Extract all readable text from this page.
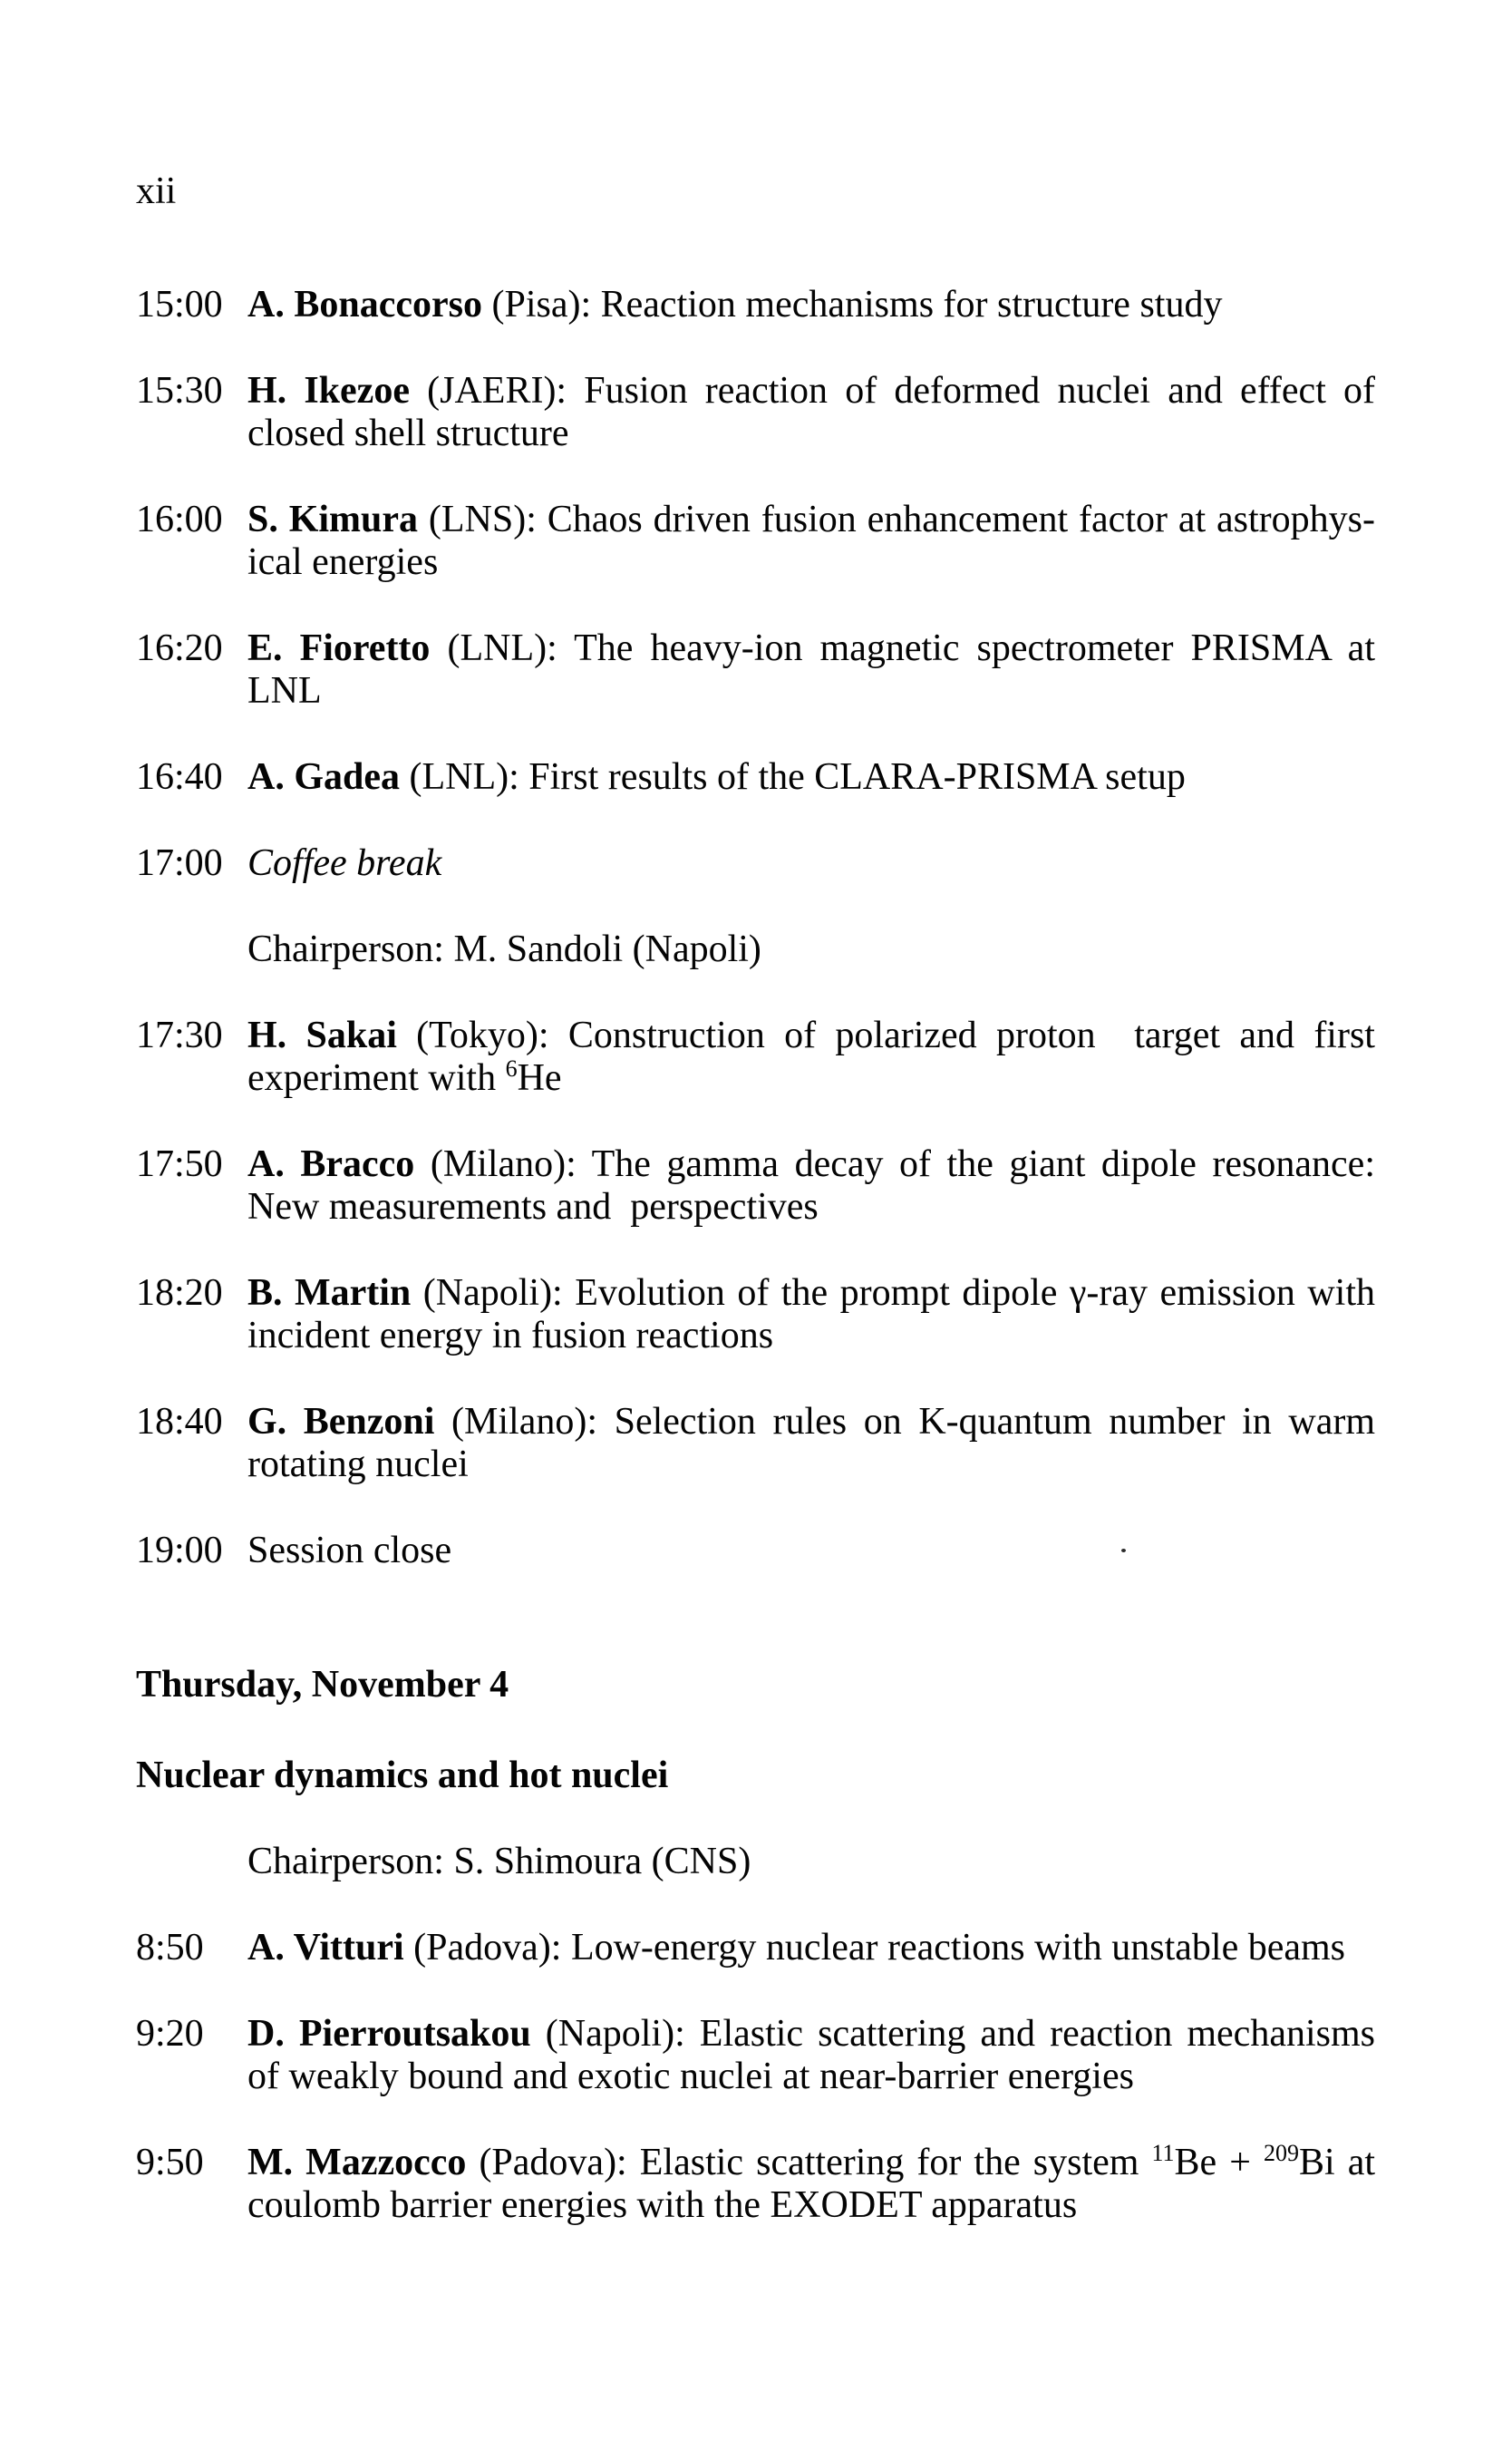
xii
15:00 A. Bonaccorso (Pisa): Reaction mechanisms for structure study
15:30 H. Ikezoe (JAERI): Fusion reaction of deformed nuclei and effect of
closed shell structure
16:00 S. Kimura (LNS): Chaos driven fusion enhancement factor at astrophys-
ical energies
16:20 E. Fioretto (LNL): The heavy-ion magnetic spectrometer PRISMA at
LNL
16:40 A. Gadea (LNL): First results of the CLARA-PRISMA setup
17:00 Coffee break
Chairperson: M. Sandoli (Napoli)
17:30 H. Sakai (Tokyo): Construction of polarized proton  target and first
experiment with $^6$He
17:50 A. Bracco (Milano): The gamma decay of the giant dipole resonance:
New measurements and  perspectives
18:20 B. Martin (Napoli): Evolution of the prompt dipole γ-ray emission with
incident energy in fusion reactions
18:40 G. Benzoni (Milano): Selection rules on K-quantum number in warm
rotating nuclei
19:00 Session close
Thursday, November 4
Nuclear dynamics and hot nuclei
Chairperson: S. Shimoura (CNS)
8:50	A. Vitturi (Padova): Low-energy nuclear reactions with unstable beams
9:20	D. Pierroutsakou (Napoli): Elastic scattering and reaction mechanisms
of weakly bound and exotic nuclei at near-barrier energies
9:50	M. Mazzocco (Padova): Elastic scattering for the system $^{11}$Be + $^{209}$Bi at
coulomb barrier energies with the EXODET apparatus
